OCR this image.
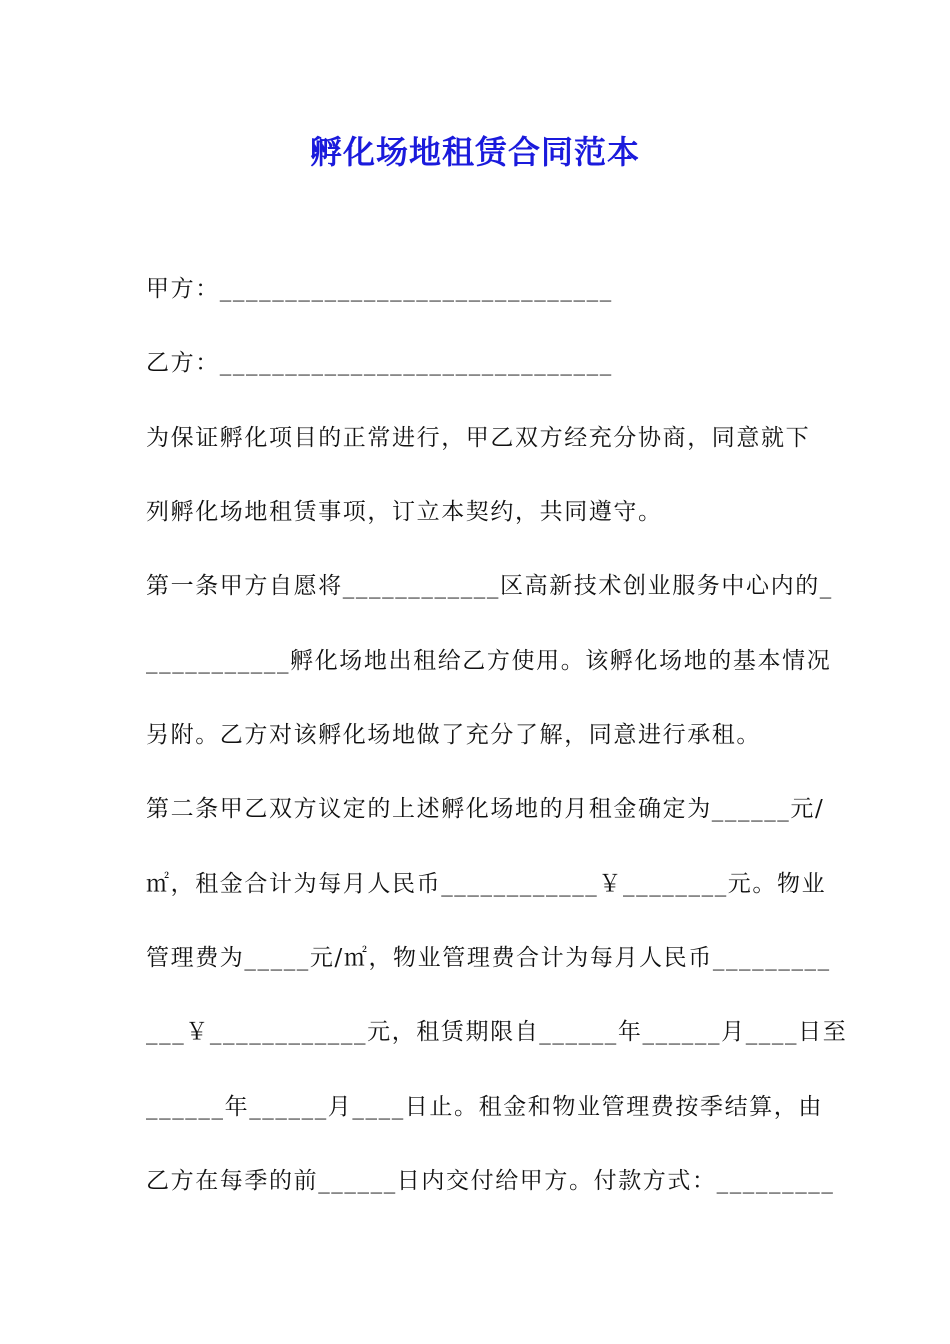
孵化场地租赁合同范本
甲方：______________________________
乙方：______________________________
为保证孵化项目的正常进行，甲乙双方经充分协商，同意就下
列孵化场地租赁事项，订立本契约，共同遵守。
第一条甲方自愿将____________区高新技术创业服务中心内的_
___________孵化场地出租给乙方使用。该孵化场地的基本情况
另附。乙方对该孵化场地做了充分了解，同意进行承租。
第二条甲乙双方议定的上述孵化场地的月租金确定为______元/
㎡，租金合计为每月人民币____________￥________元。物业
管理费为_____元/㎡，物业管理费合计为每月人民币_________
___￥____________元，租赁期限自______年______月____日至
______年______月____日止。租金和物业管理费按季结算，由
乙方在每季的前______日内交付给甲方。付款方式：_________
